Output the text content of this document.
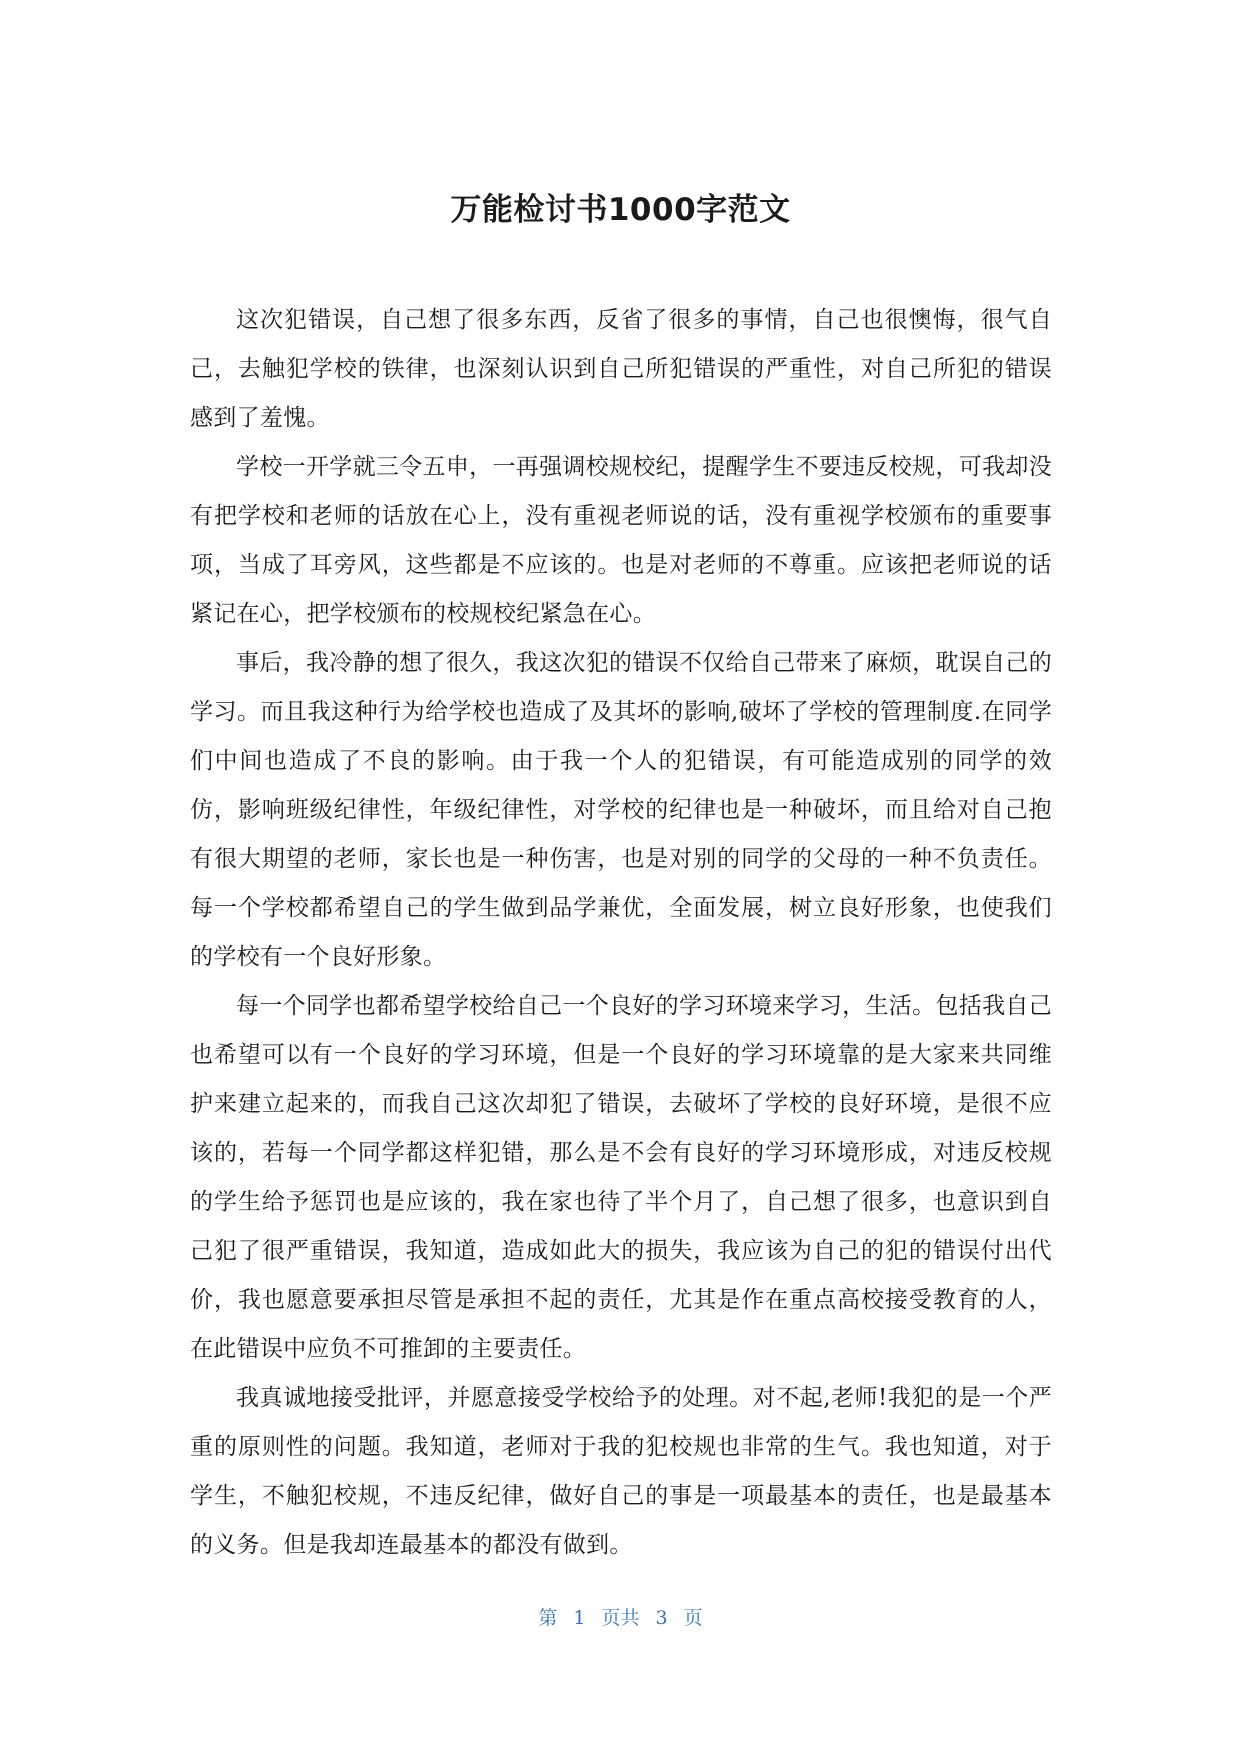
万能检讨书1000字范文

这次犯错误，自己想了很多东西，反省了很多的事情，自己也很懊悔，很气自己，去触犯学校的铁律，也深刻认识到自己所犯错误的严重性，对自己所犯的错误感到了羞愧。

学校一开学就三令五申，一再强调校规校纪，提醒学生不要违反校规，可我却没有把学校和老师的话放在心上，没有重视老师说的话，没有重视学校颁布的重要事项，当成了耳旁风，这些都是不应该的。也是对老师的不尊重。应该把老师说的话紧记在心，把学校颁布的校规校纪紧急在心。

事后，我冷静的想了很久，我这次犯的错误不仅给自己带来了麻烦，耽误自己的学习。而且我这种行为给学校也造成了及其坏的影响,破坏了学校的管理制度.在同学们中间也造成了不良的影响。由于我一个人的犯错误，有可能造成别的同学的效仿，影响班级纪律性，年级纪律性，对学校的纪律也是一种破坏，而且给对自己抱有很大期望的老师，家长也是一种伤害，也是对别的同学的父母的一种不负责任。每一个学校都希望自己的学生做到品学兼优，全面发展，树立良好形象，也使我们的学校有一个良好形象。

每一个同学也都希望学校给自己一个良好的学习环境来学习，生活。包括我自己也希望可以有一个良好的学习环境，但是一个良好的学习环境靠的是大家来共同维护来建立起来的，而我自己这次却犯了错误，去破坏了学校的良好环境，是很不应该的，若每一个同学都这样犯错，那么是不会有良好的学习环境形成，对违反校规的学生给予惩罚也是应该的，我在家也待了半个月了，自己想了很多，也意识到自己犯了很严重错误，我知道，造成如此大的损失，我应该为自己的犯的错误付出代价，我也愿意要承担尽管是承担不起的责任，尤其是作在重点高校接受教育的人，在此错误中应负不可推卸的主要责任。

我真诚地接受批评，并愿意接受学校给予的处理。对不起,老师!我犯的是一个严重的原则性的问题。我知道，老师对于我的犯校规也非常的生气。我也知道，对于学生，不触犯校规，不违反纪律，做好自己的事是一项最基本的责任，也是最基本的义务。但是我却连最基本的都没有做到。

第 1 页共 3 页
